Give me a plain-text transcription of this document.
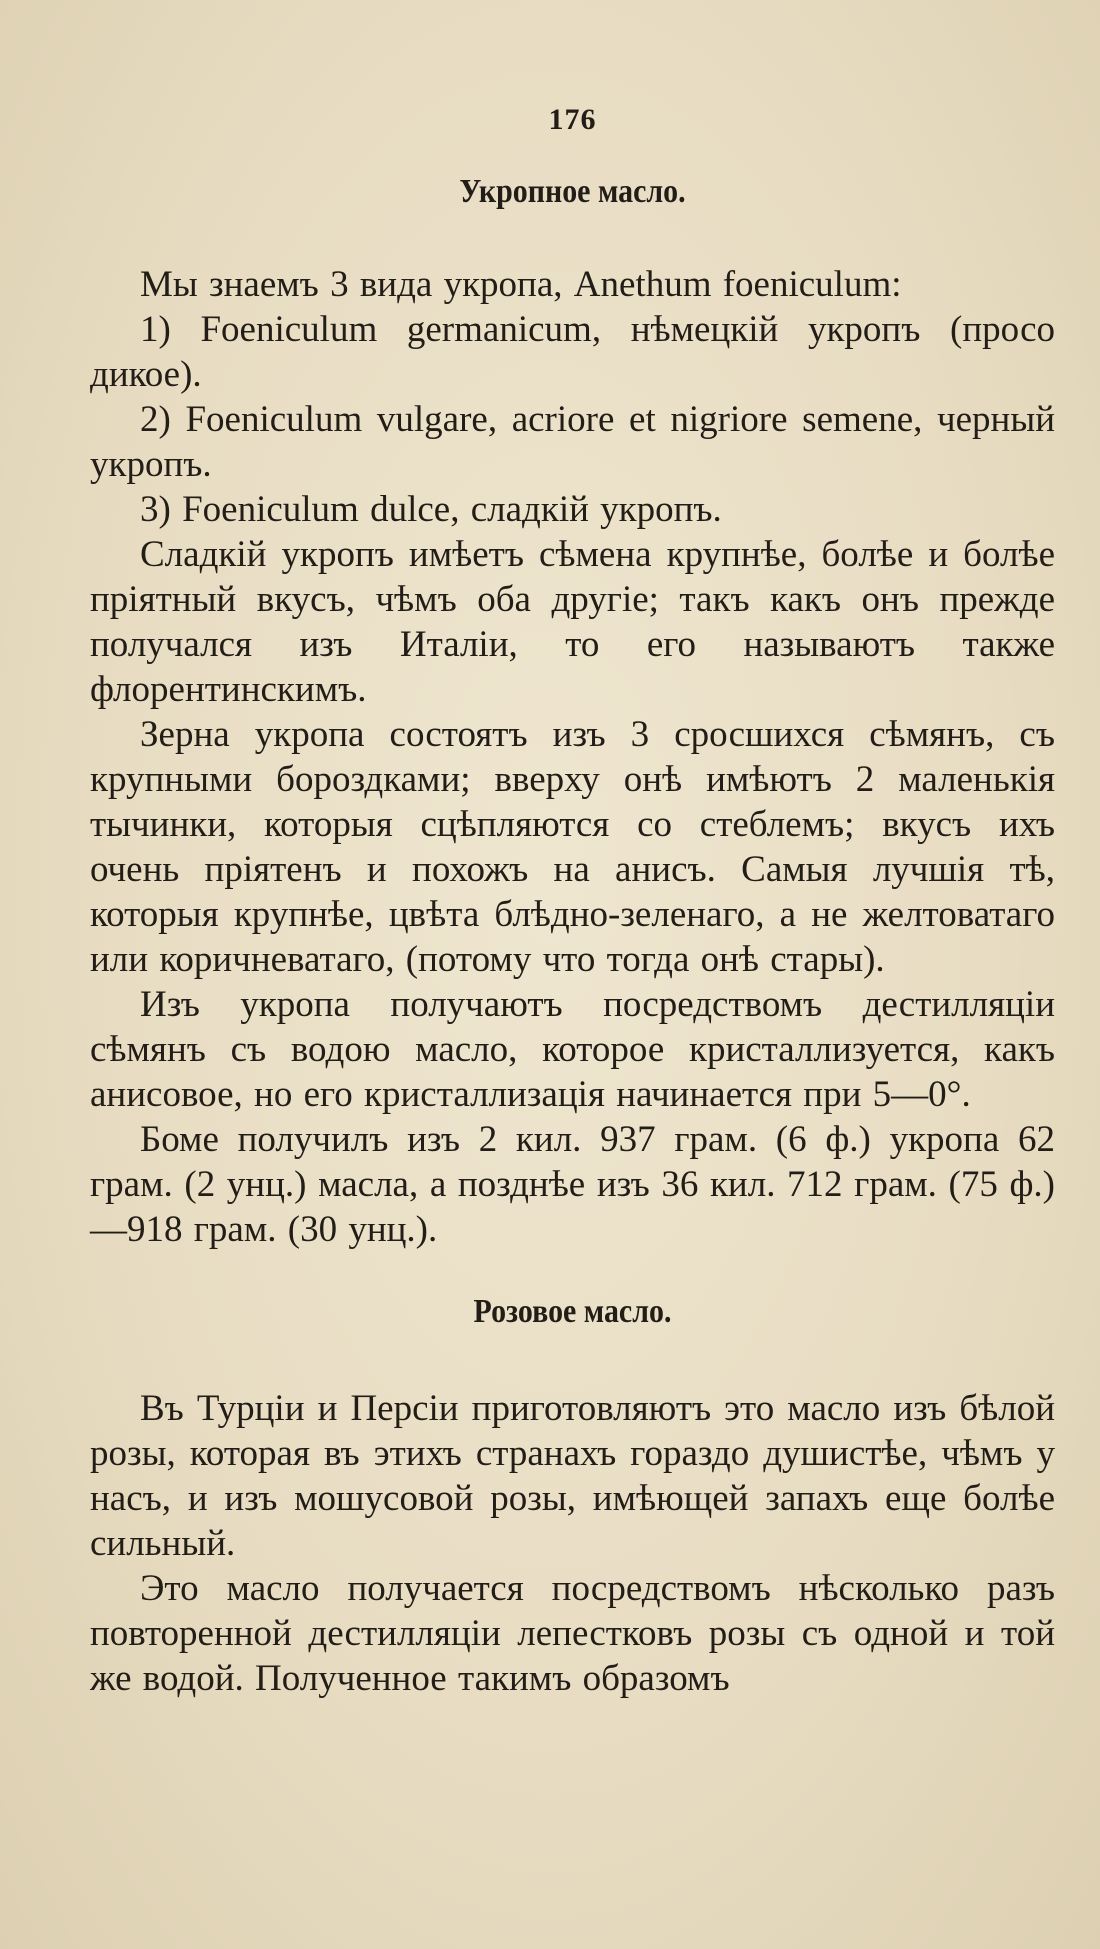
176
Укропное масло.

Мы знаемъ 3 вида укропа, Anethum foeniculum:

1) Foeniculum germanicum, нѣмецкій укропъ (просо дикое).

2) Foeniculum vulgare, acriore et nigriore semene, черный укропъ.

3) Foeniculum dulce, сладкій укропъ.

Сладкій укропъ имѣетъ сѣмена крупнѣе, болѣе и болѣе пріятный вкусъ, чѣмъ оба другіе; такъ какъ онъ прежде получался изъ Италіи, то его называютъ также флорентинскимъ.

Зерна укропа состоятъ изъ 3 сросшихся сѣмянъ, съ крупными бороздками; вверху онѣ имѣютъ 2 маленькія тычинки, которыя сцѣпляются со стеблемъ; вкусъ ихъ очень пріятенъ и похожъ на анисъ. Самыя лучшія тѣ, которыя крупнѣе, цвѣта блѣдно-зеленаго, а не желтоватаго или коричневатаго, (потому что тогда онѣ стары).

Изъ укропа получаютъ посредствомъ дестилляціи сѣмянъ съ водою масло, которое кристаллизуется, какъ анисовое, но его кристаллизація начинается при 5—0°.

Боме получилъ изъ 2 кил. 937 грам. (6 ф.) укропа 62 грам. (2 унц.) масла, а позднѣе изъ 36 кил. 712 грам. (75 ф.)—918 грам. (30 унц.).

Розовое масло.

Въ Турціи и Персіи приготовляютъ это масло изъ бѣлой розы, которая въ этихъ странахъ гораздо душистѣе, чѣмъ у насъ, и изъ мошусовой розы, имѣющей запахъ еще болѣе сильный.

Это масло получается посредствомъ нѣсколько разъ повторенной дестилляціи лепестковъ розы съ одной и той же водой. Полученное такимъ образомъ
